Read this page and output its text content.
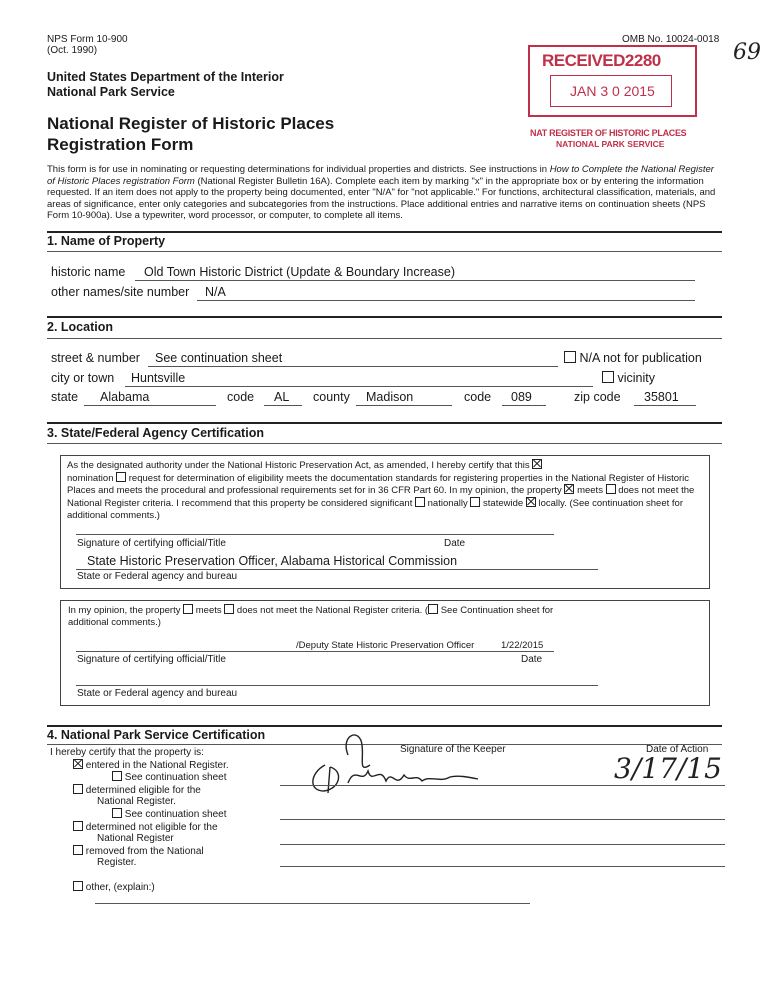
NPS Form 10-900
(Oct. 1990)
OMB No. 10024-0018
69
United States Department of the Interior
National Park Service
National Register of Historic Places
Registration Form
RECEIVED2280
JAN 3 0 2015
NAT REGISTER OF HISTORIC PLACES
NATIONAL PARK SERVICE
This form is for use in nominating or requesting determinations for individual properties and districts. See instructions in How to Complete the National Register of Historic Places registration Form (National Register Bulletin 16A). Complete each item by marking "x" in the appropriate box or by entering the information requested. If an item does not apply to the property being documented, enter "N/A" for "not applicable." For functions, architectural classification, materials, and areas of significance, enter only categories and subcategories from the instructions. Place additional entries and narrative items on continuation sheets (NPS Form 10-900a). Use a typewriter, word processor, or computer, to complete all items.
1. Name of Property
historic name Old Town Historic District (Update & Boundary Increase)
other names/site number N/A
2. Location
street & number See continuation sheet	N/A not for publication
city or town Huntsville	vicinity
state Alabama	code AL county Madison	code 089	zip code 35801
3. State/Federal Agency Certification
As the designated authority under the National Historic Preservation Act, as amended, I hereby certify that this
nomination request for determination of eligibility meets the documentation standards for registering properties in the National Register of Historic Places and meets the procedural and professional requirements set for in 36 CFR Part 60. In my opinion, the property meets does not meet the National Register criteria. I recommend that this property be considered significant nationally statewide locally. (See continuation sheet for additional comments.)
Signature of certifying official/Title	Date
State Historic Preservation Officer, Alabama Historical Commission
State or Federal agency and bureau
In my opinion, the property meets does not meet the National Register criteria. ( See Continuation sheet for
additional comments.)
/Deputy State Historic Preservation Officer	1/22/2015
Signature of certifying official/Title	Date
State or Federal agency and bureau
4. National Park Service Certification
I hereby certify that the property is:	Signature of the Keeper	Date of Action
3/17/15
entered in the National Register.
See continuation sheet
determined eligible for the
National Register.
See continuation sheet
determined not eligible for the
National Register
removed from the National
Register.
other, (explain:)
